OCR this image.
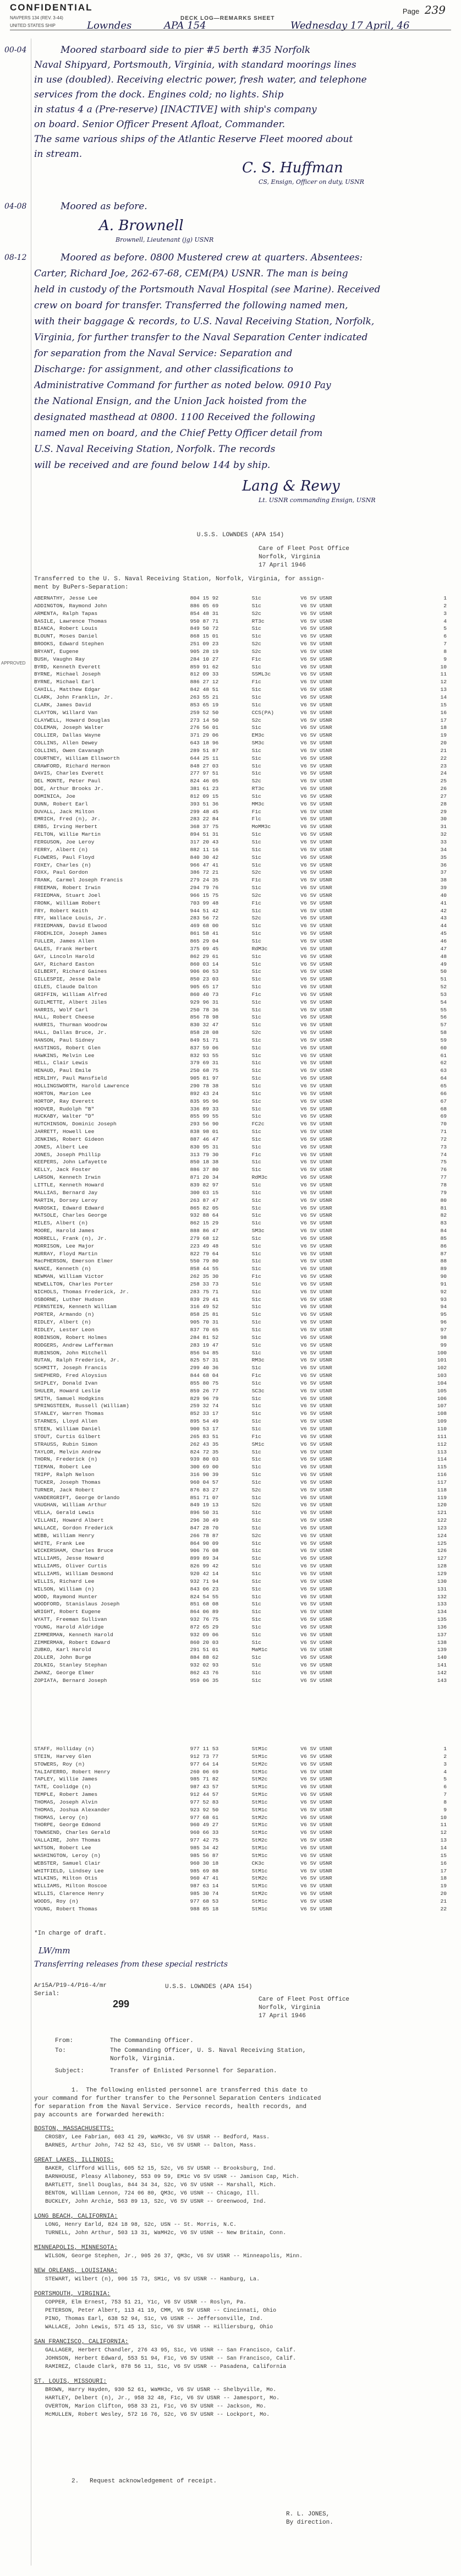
CONFIDENTIAL	Page 239
NAVPERS 134 (REV. 3-44)	DECK LOG—REMARKS SHEET
UNITED STATES SHIP	Lowndes	APA 154	Wednesday 17 April, 46
APPROVED
00-04	Moored starboard side to pier #5 berth #35 Norfolk
Naval Shipyard, Portsmouth, Virginia, with standard moorings lines
in use (doubled). Receiving electric power, fresh water, and telephone
services from the dock. Engines cold; no lights. Ship
in status 4 a (Pre-reserve) [INACTIVE] with ship's company
on board. Senior Officer Present Afloat, Commander.
The same various ships of the Atlantic Reserve Fleet moored about
in stream.
C. S. Huffman
CS, Ensign, Officer on duty, USNR
04-08	Moored as before.
A. Brownell
Brownell, Lieutenant (jg) USNR
08-12	Moored as before. 0800 Mustered crew at quarters. Absentees:
Carter, Richard Joe, 262-67-68, CEM(PA) USNR. The man is being
held in custody of the Portsmouth Naval Hospital (see Marine). Received
crew on board for transfer. Transferred the following named men,
with their baggage & records, to U.S. Naval Receiving Station, Norfolk,
Virginia, for further transfer to the Naval Separation Center indicated
for separation from the Naval Service: Separation and
Discharge: for assignment, and other classifications to
Administrative Command for further as noted below. 0910 Pay
the National Ensign, and the Union Jack hoisted from the
designated masthead at 0800. 1100 Received the following
named men on board, and the Chief Petty Officer detail from
U.S. Naval Receiving Station, Norfolk. The records
will be received and are found below 144 by ship.
Lang & Rewy
Lt. USNR commanding Ensign, USNR
U.S.S. LOWNDES (APA 154)
Care of Fleet Post Office
Norfolk, Virginia
17 April 1946
Transferred to the U. S. Naval Receiving Station, Norfolk, Virginia, for assign-
ment by BuPers-Separation:
ABERNATHY, Jesse Lee	804 15 92	S1c	V6 SV USNR	1
ADDINGTON, Raymond John	886 05 69	S1c	V6 SV USNR	2
ARMENTA, Ralph Tapas	854 48 31	S2c	V6 SV USNR	3
BASILE, Lawrence Thomas	950 87 71	RT3c	V6 SV USNR	4
BIANCA, Robert Louis	849 50 72	S1c	V6 SV USNR	5
BLOUNT, Moses Daniel	868 15 01	S1c	V6 SV USNR	6
BROOKS, Edward Stephen	251 09 23	S2c	V6 SV USNR	7
BRYANT, Eugene	905 28 19	S2c	V6 SV USNR	8
BUSH, Vaughn Ray	284 10 27	F1c	V6 SV USNR	9
BYRD, Kenneth Everett	859 91 62	S1c	V6 SV USNR	10
BYRNE, Michael Joseph	812 09 33	SSML3c	V6 SV USNR	11
BYRNE, Michael Earl	886 27 12	F1c	V6 SV USNR	12
CAHILL, Matthew Edgar	842 48 51	S1c	V6 SV USNR	13
CLARK, John Franklin, Jr.	263 55 21	S1c	V6 SV USNR	14
CLARK, James David	853 65 19	S1c	V6 SV USNR	15
CLAYTON, Willard Van	259 52 50	CCS(PA)	V6 SV USNR	16
CLAYWELL, Howard Douglas	273 14 50	S2c	V6 SV USNR	17
COLEMAN, Joseph Walter	276 56 01	S1c	V6 SV USNR	18
COLLIER, Dallas Wayne	371 29 06	EM3c	V6 SV USNR	19
COLLINS, Allen Dewey	643 18 96	SM3c	V6 SV USNR	20
COLLINS, Owen Cavanagh	289 51 87	S1c	V6 SV USNR	21
COURTNEY, William Ellsworth	644 25 11	S1c	V6 SV USNR	22
CRAWFORD, Richard Hermon	848 27 03	S1c	V6 SV USNR	23
DAVIS, Charles Everett	277 97 51	S1c	V6 SV USNR	24
DEL MONTE, Peter Paul	824 46 05	S2c	V6 SV USNR	25
DOE, Arthur Brooks Jr.	381 61 23	RT3c	V6 SV USNR	26
DOMINICA, Joe	812 09 15	S1c	V6 SV USNR	27
DUNN, Robert Earl	393 51 36	MM3c	V6 SV USNR	28
DUVALL, Jack Milton	299 48 45	F1c	V6 SV USNR	29
EMRICH, Fred (n), Jr.	283 22 84	Flc	V6 SV USNR	30
ERBS, Irving Herbert	368 37 75	MoMM3c	V6 SV USNR	31
FELTON, Willie Martin	894 51 31	S1c	V6 SV USNR	32
FERGUSON, Joe Leroy	317 20 43	S1c	V6 SV USNR	33
FERRY, Albert (n)	882 11 16	S1c	V6 SV USNR	34
FLOWERS, Paul Floyd	840 30 42	S1c	V6 SV USNR	35
FOXEY, Charles (n)	966 47 41	S1c	V6 SV USNR	36
FOXX, Paul Gordon	386 72 21	S2c	V6 SV USNR	37
FRANK, Carmel Joseph Francis	279 24 35	F1c	V6 SV USNR	38
FREEMAN, Robert Irwin	294 79 76	S1c	V6 SV USNR	39
FRIEDMAN, Stuart Joel	966 15 75	S2c	V6 SV USNR	40
FRONK, William Robert	703 99 48	F1c	V6 SV USNR	41
FRY, Robert Keith	944 51 42	S1c	V6 SV USNR	42
FRY, Wallace Louis, Jr.	283 56 72	S2c	V6 SV USNR	43
FRIEDMANN, David Elwood	469 68 00	S1c	V6 SV USNR	44
FROEHLICH, Joseph James	861 58 41	S1c	V6 SV USNR	45
FULLER, James Allen	865 29 04	S1c	V6 SV USNR	46
GALES, Frank Herbert	375 09 45	RdM3c	V6 SV USNR	47
GAY, Lincoln Harold	862 29 61	S1c	V6 SV USNR	48
GAY, Richard Easton	860 03 14	S1c	V6 SV USNR	49
GILBERT, Richard Gaines	906 06 53	S1c	V6 SV USNR	50
GILLESPIE, Jesse Dale	850 23 03	S1c	V6 SV USNR	51
GILES, Claude Dalton	905 65 17	S1c	V6 SV USNR	52
GRIFFIN, William Alfred	860 40 73	F1c	V6 SV USNR	53
GUILMETTE, Albert Jiles	929 96 31	S1c	V6 SV USNR	54
HARRIS, Wolf Carl	250 78 36	S1c	V6 SV USNR	55
HALL, Robert Cheese	856 78 98	S1c	V6 SV USNR	56
HARRIS, Thurman Woodrow	830 32 47	S1c	V6 SV USNR	57
HALL, Dallas Bruce, Jr.	858 28 08	S2c	V6 SV USNR	58
HANSON, Paul Sidney	849 51 71	S1c	V6 SV USNR	59
HASTINGS, Robert Glen	837 59 06	S1c	V6 SV USNR	60
HAWKINS, Melvin Lee	832 93 55	S1c	V6 SV USNR	61
HELL, Clair Lewis	379 69 31	S1c	V6 SV USNR	62
HENAUD, Paul Emile	250 68 75	S1c	V6 SV USNR	63
HERLIHY, Paul Mansfield	905 81 97	S1c	V6 SV USNR	64
HOLLINGSWORTH, Harold Lawrence	290 78 38	S1c	V6 SV USNR	65
HORTON, Marion Lee	892 43 24	S1c	V6 SV USNR	66
HORTOP, Ray Everett	835 95 96	S1c	V6 SV USNR	67
HOOVER, Rudolph "B"	336 89 33	S1c	V6 SV USNR	68
HUCKABY, Walter "D"	855 99 55	S1c	V6 SV USNR	69
HUTCHINSON, Dominic Joseph	293 56 90	FC2c	V6 SV USNR	70
JARRETT, Howell Lee	838 98 01	S1c	V6 SV USNR	71
JENKINS, Robert Gideon	887 46 47	S1c	V6 SV USNR	72
JONES, Albert Lee	830 95 31	S1c	V6 SV USNR	73
JONES, Joseph Phillip	313 79 30	F1c	V6 SV USNR	74
KEEPERS, John Lafayette	850 18 38	S1c	V6 SV USNR	75
KELLY, Jack Foster	886 37 80	S1c	V6 SV USNR	76
LARSON, Kenneth Irwin	871 20 34	RdM3c	V6 SV USNR	77
LITTLE, Kenneth Howard	839 82 97	S1c	V6 SV USNR	78
MALLIAS, Bernard Jay	300 03 15	S1c	V6 SV USNR	79
MARTIN, Dorsey Leroy	263 87 47	S1c	V6 SV USNR	80
MAROSKI, Edward Edward	865 82 05	S1c	V6 SV USNR	81
MATSOLE, Charles George	932 88 64	S1c	V6 SV USNR	82
MILES, Albert (n)	862 15 29	S1c	V6 SV USNR	83
MOORE, Harold James	888 86 47	SM3c	V6 SV USNR	84
MORRELL, Frank (n), Jr.	279 68 12	S1c	V6 SV USNR	85
MORRISON, Lee Major	223 49 48	S1c	V6 SV USNR	86
MURRAY, Floyd Martin	822 79 64	S1c	V6 SV USNR	87
MacPHERSON, Emerson Elmer	550 79 80	S1c	V6 SV USNR	88
NANCE, Kenneth (n)	858 44 55	S1c	V6 SV USNR	89
NEWMAN, William Victor	262 35 30	F1c	V6 SV USNR	90
NEWELLTON, Charles Porter	258 33 73	S1c	V6 SV USNR	91
NICHOLS, Thomas Frederick, Jr.	283 75 71	S1c	V6 SV USNR	92
OSBORNE, Luther Hudson	839 29 41	S1c	V6 SV USNR	93
PERNSTEIN, Kenneth William	316 49 52	S1c	V6 SV USNR	94
PORTER, Armando (n)	858 25 81	S1c	V6 SV USNR	95
RIDLEY, Albert (n)	905 70 31	S1c	V6 SV USNR	96
RIDLEY, Lester Leon	837 70 65	S1c	V6 SV USNR	97
ROBINSON, Robert Holmes	284 81 52	S1c	V6 SV USNR	98
RODGERS, Andrew Lafferman	283 19 47	S1c	V6 SV USNR	99
RUBINSON, John Mitchell	856 94 85	S1c	V6 SV USNR	100
RUTAN, Ralph Frederick, Jr.	825 57 31	RM3c	V6 SV USNR	101
SCHMITT, Joseph Francis	299 40 36	S1c	V6 SV USNR	102
SHEPHERD, Fred Aloysius	844 68 04	F1c	V6 SV USNR	103
SHIPLEY, Donald Ivan	855 80 75	S1c	V6 SV USNR	104
SHULER, Howard Leslie	859 26 77	SC3c	V6 SV USNR	105
SMITH, Samuel Hodgkins	829 96 79	S1c	V6 SV USNR	106
SPRINGSTEEN, Russell (William)	259 32 74	S1c	V6 SV USNR	107
STANLEY, Warren Thomas	852 33 17	S1c	V6 SV USNR	108
STARNES, Lloyd Allen	895 54 49	S1c	V6 SV USNR	109
STEEN, William Daniel	900 53 17	S1c	V6 SV USNR	110
STOUT, Curtis Gilbert	265 83 51	F1c	V6 SV USNR	111
STRAUSS, Rubin Simon	262 43 35	SM1c	V6 SV USNR	112
TAYLOR, Melvin Andrew	824 72 35	S1c	V6 SV USNR	113
THORN, Frederick (n)	939 80 03	S1c	V6 SV USNR	114
TIEMAN, Robert Lee	300 69 00	S1c	V6 SV USNR	115
TRIPP, Ralph Nelson	316 90 39	S1c	V6 SV USNR	116
TUCKER, Joseph Thomas	960 04 57	S1c	V6 SV USNR	117
TURNER, Jack Robert	876 83 27	S2c	V6 SV USNR	118
VANDERGRIFT, George Orlando	851 71 07	S1c	V6 SV USNR	119
VAUGHAN, William Arthur	849 19 13	S2c	V6 SV USNR	120
VELLA, Gerald Lewis	896 50 31	S1c	V6 SV USNR	121
VILLANI, Howard Albert	296 30 49	S1c	V6 SV USNR	122
WALLACE, Gordon Frederick	847 28 70	S1c	V6 SV USNR	123
WEBB, William Henry	266 78 87	S2c	V6 SV USNR	124
WHITE, Frank Lee	864 90 09	S1c	V6 SV USNR	125
WICKERSHAM, Charles Bruce	906 76 08	S1c	V6 SV USNR	126
WILLIAMS, Jesse Howard	899 89 34	S1c	V6 SV USNR	127
WILLIAMS, Oliver Curtis	826 99 42	S1c	V6 SV USNR	128
WILLIAMS, William Desmond	920 42 14	S1c	V6 SV USNR	129
WILLIS, Richard Lee	932 71 94	S1c	V6 SV USNR	130
WILSON, William (n)	843 06 23	S1c	V6 SV USNR	131
WOOD, Raymond Hunter	824 54 55	S1c	V6 SV USNR	132
WOODFORD, Stanislaus Joseph	851 68 08	S1c	V6 SV USNR	133
WRIGHT, Robert Eugene	864 06 89	S1c	V6 SV USNR	134
WYATT, Freeman Sullivan	932 76 75	S1c	V6 SV USNR	135
YOUNG, Harold Aldridge	872 65 29	S1c	V6 SV USNR	136
ZIMMERMAN, Kenneth Harold	932 09 06	S1c	V6 SV USNR	137
ZIMMERMAN, Robert Edward	860 20 03	S1c	V6 SV USNR	138
ZUBKO, Karl Harold	291 51 01	MaM1c	V6 SV USNR	139
ZOLLER, John Burge	884 88 62	S1c	V6 SV USNR	140
ZOLNIG, Stanley Stephan	932 02 93	S1c	V6 SV USNR	141
ZWANZ, George Elmer	862 43 76	S1c	V6 SV USNR	142
ZOPIATA, Bernard Joseph	959 06 35	S1c	V6 SV USNR	143
STAFF, Holliday (n)	977 11 53	StM1c	V6 SV USNR	1
STEIN, Harvey Glen	912 73 77	StM1c	V6 SV USNR	2
STOWERS, Roy (n)	977 64 14	StM2c	V6 SV USNR	3
TALIAFERRO, Robert Henry	260 06 69	StM1c	V6 SV USNR	4
TAPLEY, Willie James	985 71 82	StM2c	V6 SV USNR	5
TATE, Coolidge (n)	987 43 57	StM1c	V6 SV USNR	6
TEMPLE, Robert James	912 44 57	StM1c	V6 SV USNR	7
THOMAS, Joseph Alvin	977 52 83	StM1c	V6 SV USNR	8
THOMAS, Joshua Alexander	923 92 50	StM1c	V6 SV USNR	9
THOMAS, Leroy (n)	977 68 61	StM2c	V6 SV USNR	10
THORPE, George Edmond	960 49 27	StM1c	V6 SV USNR	11
TOWNSEND, Charles Gerald	960 66 33	StM1c	V6 SV USNR	12
VALLAIRE, John Thomas	977 42 75	StM2c	V6 SV USNR	13
WATSON, Robert Lee	985 34 42	StM1c	V6 SV USNR	14
WASHINGTON, Leroy (n)	985 56 87	StM1c	V6 SV USNR	15
WEBSTER, Samuel Clair	960 30 18	CK3c	V6 SV USNR	16
WHITFIELD, Lindsey Lee	985 69 88	StM1c	V6 SV USNR	17
WILKINS, Milton Otis	960 47 41	StM2c	V6 SV USNR	18
WILLIAMS, Milton Roscoe	987 63 14	StM1c	V6 SV USNR	19
WILLIS, Clarence Henry	985 30 74	StM2c	V6 SV USNR	20
WOODS, Roy (n)	977 68 53	StM1c	V6 SV USNR	21
YOUNG, Robert Thomas	988 85 18	StM1c	V6 SV USNR	22
*In charge of draft.
LW/mm
Transferring releases from these special restricts
Ar15A/P19-4/P16-4/mr
Serial:
299
U.S.S. LOWNDES (APA 154)
Care of Fleet Post Office
Norfolk, Virginia
17 April 1946
From:	The Commanding Officer.
To:	The Commanding Officer, U. S. Naval Receiving Station,
Norfolk, Virginia.
Subject:	Transfer of Enlisted Personnel for Separation.
1.  The following enlisted personnel are transferred this date to
your command for further transfer to the Personnel Separation Centers indicated
for separation from the Naval Service. Service records, health records, and
pay accounts are forwarded herewith:
BOSTON, MASSACHUSETTS:
CROSBY, Lee Fabrian, 603 41 29, WaMH3c, V6 SV USNR -- Bedford, Mass.
BARNES, Arthur John, 742 52 43, S1c, V6 SV USNR -- Dalton, Mass.
GREAT LAKES, ILLINOIS:
BAKER, Clifford Willis, 605 52 15, S2c, V6 SV USNR -- Brooksburg, Ind.
BARNHOUSE, Pleasy Allaboney, 553 09 59, EM1c V6 SV USNR -- Jamison Cap, Mich.
BARTLETT, Snell Douglas, 844 34 34, S2c, V6 SV USNR -- Marshall, Mich.
BENTON, William Lennon, 724 06 80, QM3c, V6 USNR -- Chicago, Ill.
BUCKLEY, John Archie, 563 89 13, S2c, V6 SV USNR -- Greenwood, Ind.
LONG BEACH, CALIFORNIA:
LONG, Henry Earld, 824 18 98, S2c, USN -- St. Morris, N.C.
TURNELL, John Arthur, 503 13 31, WaMH2c, V6 SV USNR -- New Britain, Conn.
MINNEAPOLIS, MINNESOTA:
WILSON, George Stephen, Jr., 905 26 37, QM3c, V6 SV USNR -- Minneapolis, Minn.
NEW ORLEANS, LOUISIANA:
STEWART, Wilbert (n), 906 15 73, SM1c, V6 SV USNR -- Hamburg, La.
PORTSMOUTH, VIRGINIA:
COPPER, Elm Ernest, 753 51 21, Y1c, V6 SV USNR -- Roslyn, Pa.
PETERSON, Peter Albert, 113 41 19, CMM, V6 SV USNR -- Cincinnati, Ohio
PINO, Thomas Earl, 638 52 94, S1c, V6 USNR -- Jeffersonville, Ind.
WALLACE, John Lewis, 571 45 13, S1c, V6 SV USNR -- Hilliersburg, Ohio
SAN FRANCISCO, CALIFORNIA:
GALLAGER, Herbert Chandler, 276 43 95, S1c, V6 USNR -- San Francisco, Calif.
JOHNSON, Herbert Edward, 553 51 94, F1c, V6 SV USNR -- San Francisco, Calif.
RAMIREZ, Claude Clark, 878 56 11, S1c, V6 SV USNR -- Pasadena, California
ST. LOUIS, MISSOURI:
BROWN, Harry Hayden, 930 52 61, WaMH3c, V6 SV USNR -- Shelbyville, Mo.
HARTLEY, Delbert (n), Jr., 958 32 48, F1c, V6 SV USNR -- Jamesport, Mo.
OVERTON, Marion Clifton, 958 33 21, F1c, V6 SV USNR -- Jackson, Mo.
McMULLEN, Robert Wesley, 572 16 76, S2c, V6 SV USNR -- Lockport, Mo.
2.   Request acknowledgement of receipt.
R. L. JONES,
By direction.
